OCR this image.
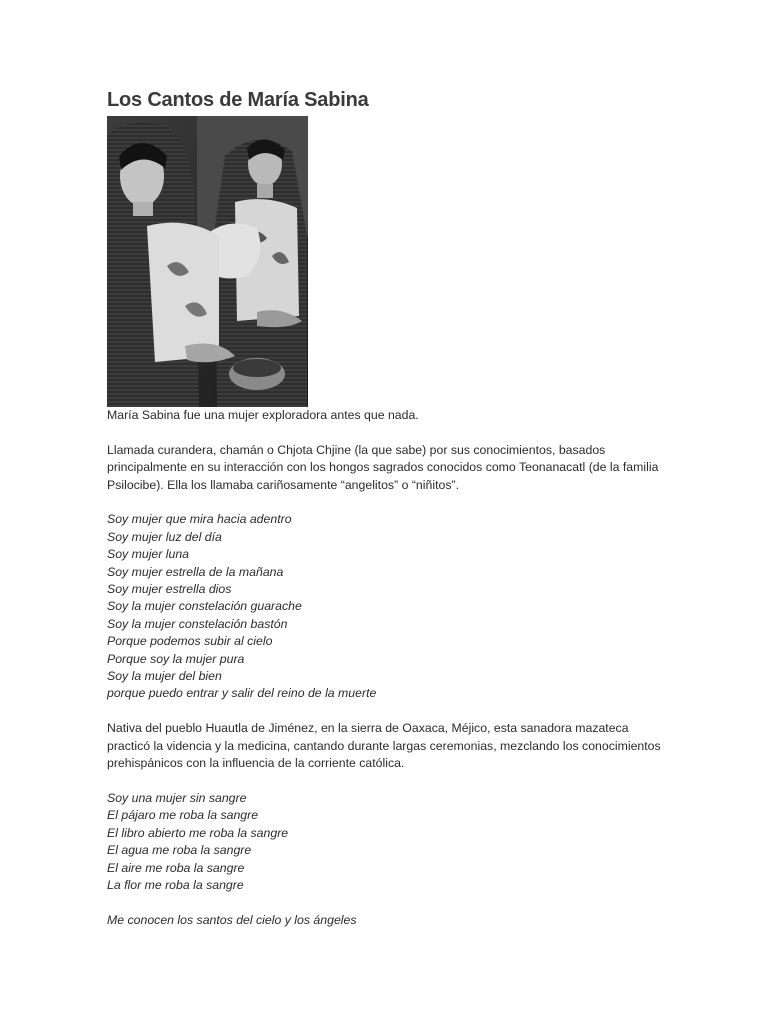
Los Cantos de María Sabina

María Sabina fue una mujer exploradora antes que nada.

Llamada curandera, chamán o Chjota Chjine (la que sabe) por sus conocimientos, basados principalmente en su interacción con los hongos sagrados conocidos como Teonanacatl (de la familia Psilocibe). Ella los llamaba cariñosamente “angelitos” o “niñitos”.

Soy mujer que mira hacia adentro
Soy mujer luz del día
Soy mujer luna
Soy mujer estrella de la mañana
Soy mujer estrella dios
Soy la mujer constelación guarache
Soy la mujer constelación bastón
Porque podemos subir al cielo
Porque soy la mujer pura
Soy la mujer del bien
porque puedo entrar y salir del reino de la muerte

Nativa del pueblo Huautla de Jiménez, en la sierra de Oaxaca, Méjico, esta sanadora mazateca practicó la videncia y la medicina, cantando durante largas ceremonias, mezclando los conocimientos prehispánicos con la influencia de la corriente católica.

Soy una mujer sin sangre
El pájaro me roba la sangre
El libro abierto me roba la sangre
El agua me roba la sangre
El aire me roba la sangre
La flor me roba la sangre

Me conocen los santos del cielo y los ángeles
